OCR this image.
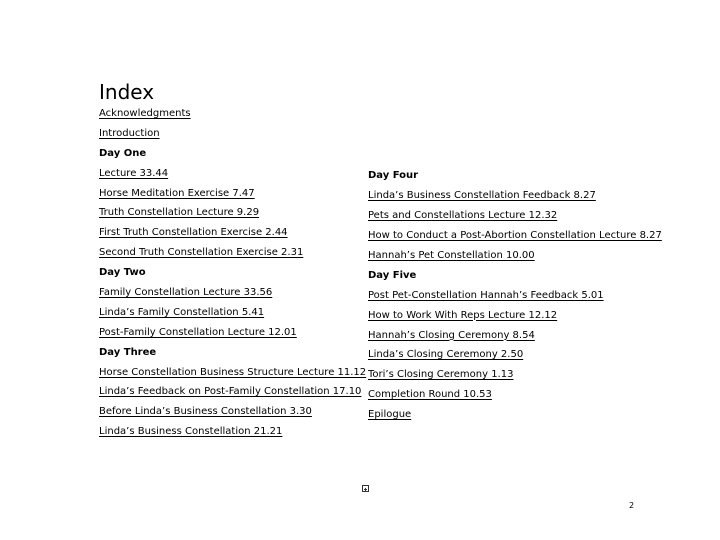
Index
Acknowledgments
Introduction
Day One
Lecture 33.44
Horse Meditation Exercise 7.47
Truth Constellation Lecture 9.29
First Truth Constellation Exercise 2.44
Second Truth Constellation Exercise 2.31
Day Two
Family Constellation Lecture 33.56
Linda’s Family Constellation 5.41
Post-Family Constellation Lecture 12.01
Day Three
Horse Constellation Business Structure Lecture 11.12
Linda’s Feedback on Post-Family Constellation 17.10
Before Linda’s Business Constellation 3.30
Linda’s Business Constellation 21.21
Day Four
Linda’s Business Constellation Feedback 8.27
Pets and Constellations Lecture 12.32
How to Conduct a Post-Abortion Constellation Lecture 8.27
Hannah’s Pet Constellation 10.00
Day Five
Post Pet-Constellation Hannah’s Feedback 5.01
How to Work With Reps Lecture 12.12
Hannah’s Closing Ceremony 8.54
Linda’s Closing Ceremony 2.50
Tori’s Closing Ceremony 1.13
Completion Round 10.53
Epilogue
2
